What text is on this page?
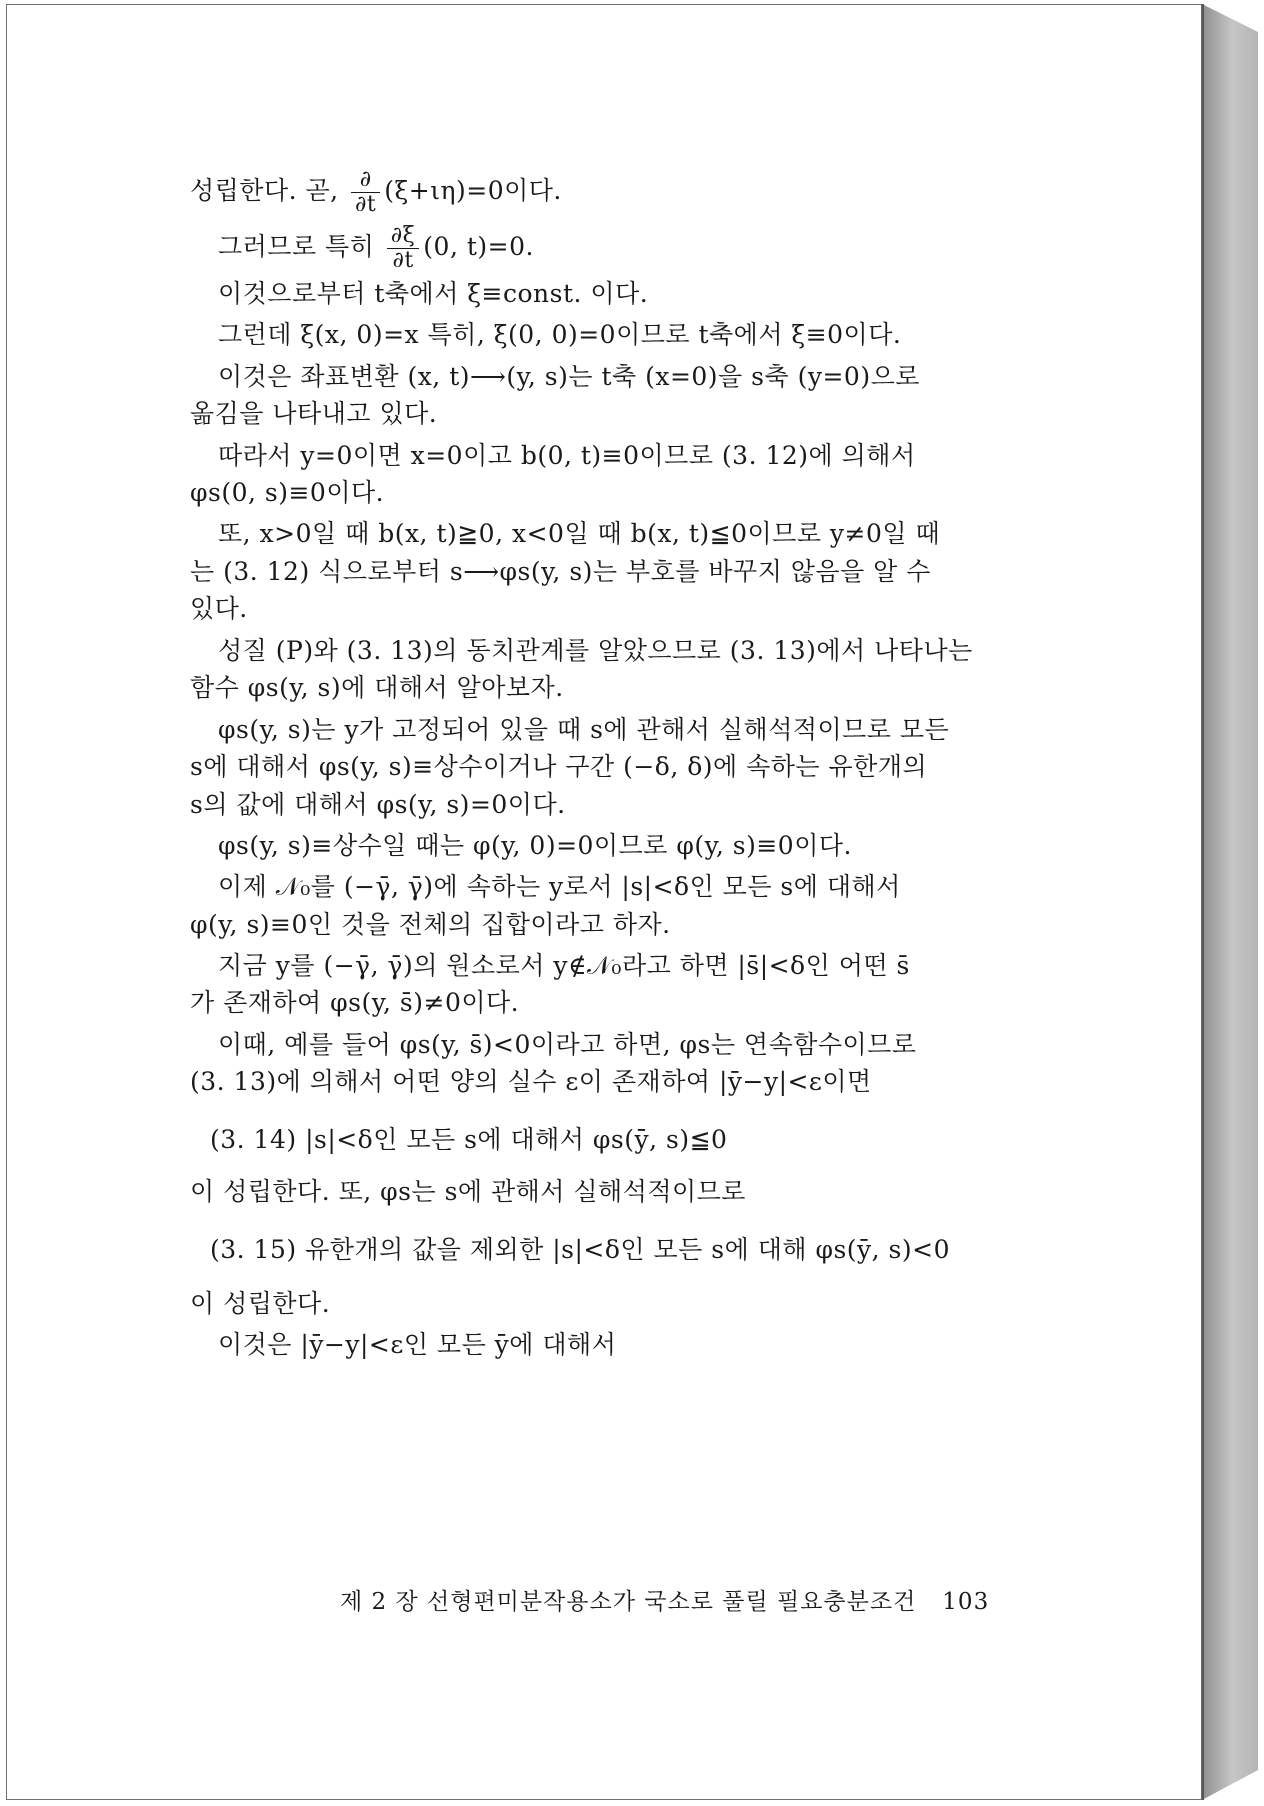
성립한다. 곧, $\frac{\partial}{\partial t} (\xi+\iota\eta)=0$이다.
그러므로 특히 $\frac{\partial\xi}{\partial t} (0$, t)=0.
이것으로부터 t축에서 ξ≡const. 이다.
그런데 ξ(x, 0)=x 특히, ξ(0, 0)=0이므로 t축에서 ξ≡0이다.
이것은 좌표변환 (x, t)⟶(y, s)는 t축 (x=0)을 s축 (y=0)으로
옮김을 나타내고 있다.
따라서 y=0이면 x=0이고 b(0, t)≡0이므로 (3. 12)에 의해서
φs(0, s)≡0이다.
또, x>0일 때 b(x, t)≧0, x<0일 때 b(x, t)≦0이므로 y≠0일 때
는 (3. 12) 식으로부터 s⟶φs(y, s)는 부호를 바꾸지 않음을 알 수
있다.
성질 (P)와 (3. 13)의 동치관계를 알았으므로 (3. 13)에서 나타나는
함수 φs(y, s)에 대해서 알아보자.
φs(y, s)는 y가 고정되어 있을 때 s에 관해서 실해석적이므로 모든
s에 대해서 φs(y, s)≡상수이거나 구간 (−δ, δ)에 속하는 유한개의
s의 값에 대해서 φs(y, s)=0이다.
φs(y, s)≡상수일 때는 φ(y, 0)=0이므로 φ(y, s)≡0이다.
이제 𝒩₀를 (−γ̄, γ̄)에 속하는 y로서 |s|<δ인 모든 s에 대해서
φ(y, s)≡0인 것을 전체의 집합이라고 하자.
지금 y를 (−γ̄, γ̄)의 원소로서 y∉𝒩₀라고 하면 |s̄|<δ인 어떤 s̄
가 존재하여 φs(y, s̄)≠0이다.
이때, 예를 들어 φs(y, s̄)<0이라고 하면, φs는 연속함수이므로
(3. 13)에 의해서 어떤 양의 실수 ε이 존재하여 |ȳ−y|<ε이면
(3. 14) |s|<δ인 모든 s에 대해서 φs(ȳ, s)≦0
이 성립한다. 또, φs는 s에 관해서 실해석적이므로
(3. 15) 유한개의 값을 제외한 |s|<δ인 모든 s에 대해 φs(ȳ, s)<0
이 성립한다.
이것은 |ȳ−y|<ε인 모든 ȳ에 대해서
제 2 장 선형편미분작용소가 국소로 풀릴 필요충분조건 103
